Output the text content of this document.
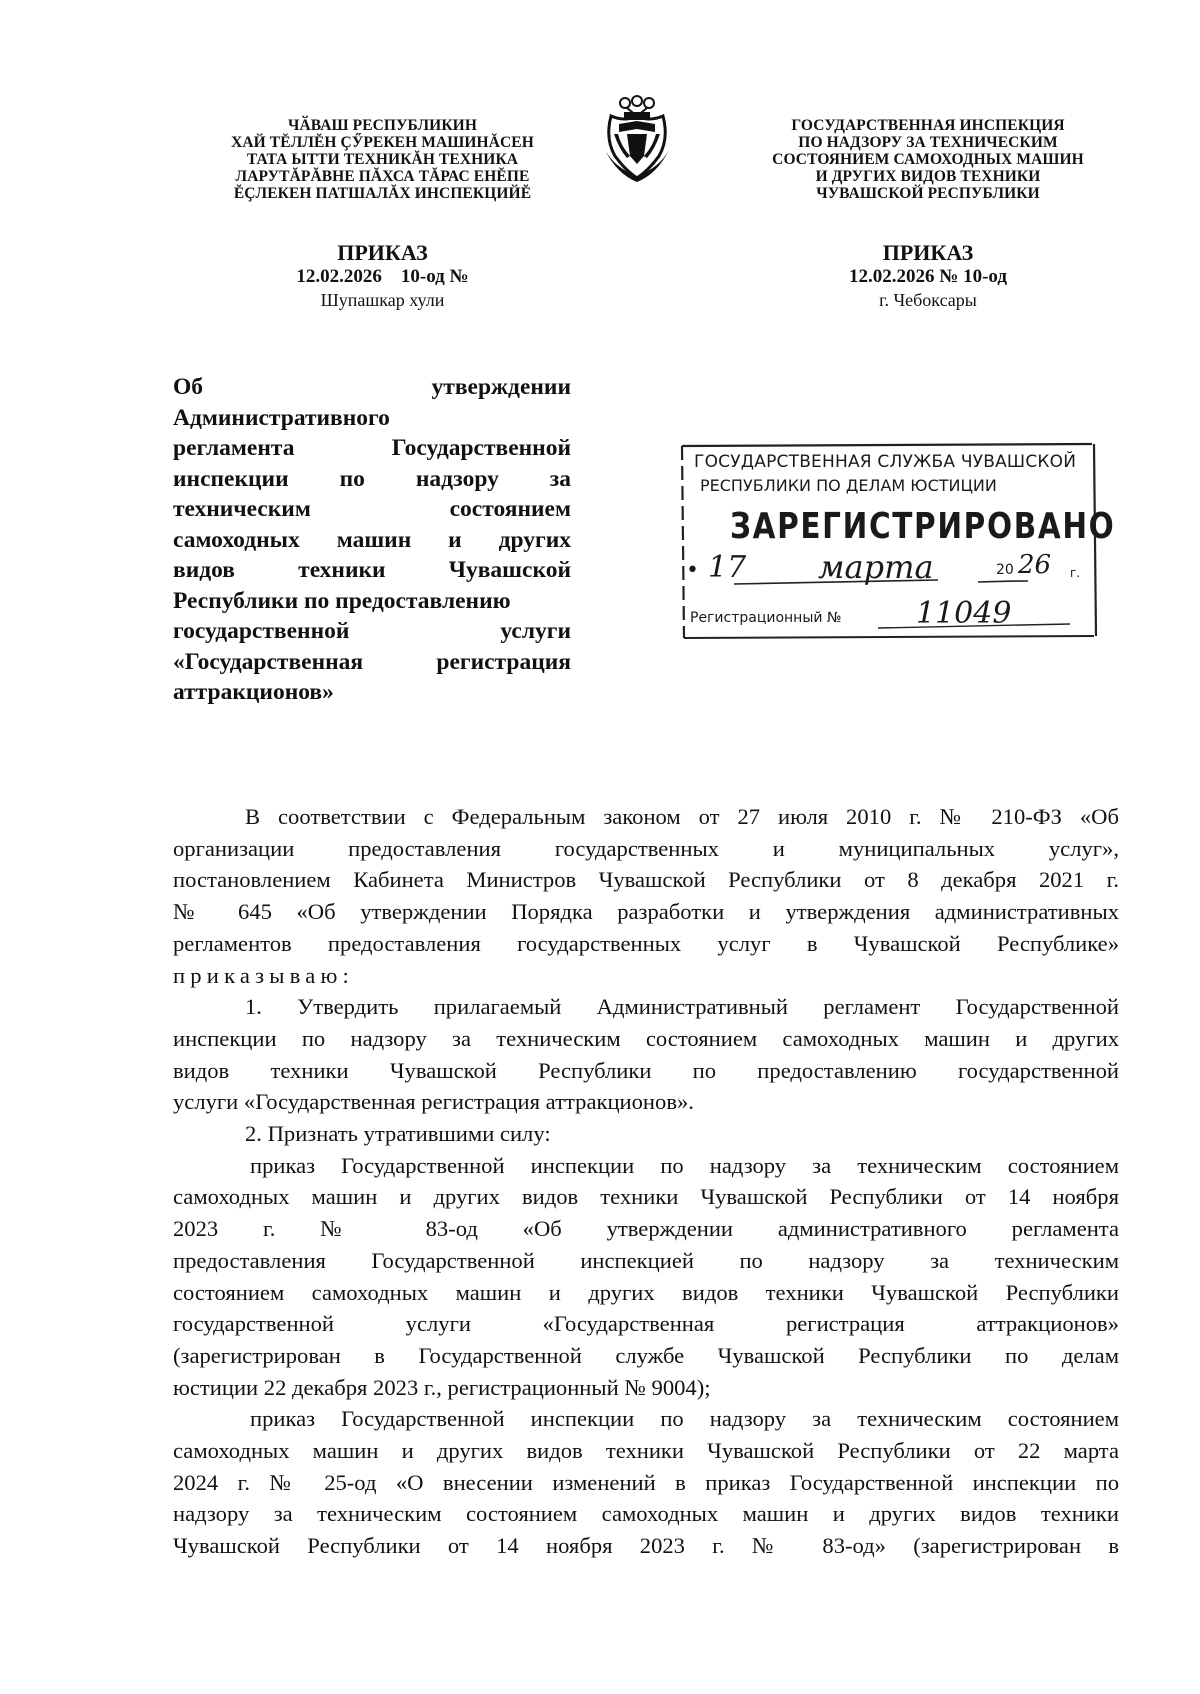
ЧӐВАШ РЕСПУБЛИКИН
ХАЙ ТĔЛЛĔН ҪӲРЕКЕН МАШИНĂСЕН
ТАТА ЫТТИ ТЕХНИКĂН ТЕХНИКА
ЛАРУТĂРĂВНЕ ПĂХСА ТĂРАС ЕНĔПЕ
ĔҪЛЕКЕН ПАТШАЛĂХ ИНСПЕКЦИЙĔ
ГОСУДАРСТВЕННАЯ ИНСПЕКЦИЯ
ПО НАДЗОРУ ЗА ТЕХНИЧЕСКИМ
СОСТОЯНИЕМ САМОХОДНЫХ МАШИН
И ДРУГИХ ВИДОВ ТЕХНИКИ
ЧУВАШСКОЙ РЕСПУБЛИКИ
ПРИКАЗ
12.02.2026    10-од №
Шупашкар хули
ПРИКАЗ
12.02.2026 № 10-од
г. Чебоксары
Об	утверждении
Административного
регламента	Государственной
инспекции по надзору за
техническим	состоянием
самоходных машин и других
видов	техники	Чувашской
Республики по предоставлению
государственной	услуги
«Государственная	регистрация
аттракционов»
ГОСУДАРСТВЕННАЯ СЛУЖБА ЧУВАШСКОЙ
РЕСПУБЛИКИ ПО ДЕЛАМ ЮСТИЦИИ
ЗАРЕГИСТРИРОВАНО
• 17 марта	20 26 г.
Регистрационный № 11049
В соответствии с Федеральным законом от 27 июля 2010 г. № 210-ФЗ «Об
организации предоставления государственных и муниципальных услуг»,
постановлением Кабинета Министров Чувашской Республики от 8 декабря 2021 г.
№ 645 «Об утверждении Порядка разработки и утверждения административных
регламентов предоставления государственных услуг в Чувашской Республике»
приказываю:
1. Утвердить прилагаемый Административный регламент Государственной
инспекции по надзору за техническим состоянием самоходных машин и других
видов техники Чувашской Республики по предоставлению государственной
услуги «Государственная регистрация аттракционов».
2. Признать утратившими силу:
приказ Государственной инспекции по надзору за техническим состоянием
самоходных машин и других видов техники Чувашской Республики от 14 ноября
2023 г. № 83-од «Об утверждении административного регламента
предоставления Государственной инспекцией по надзору за техническим
состоянием самоходных машин и других видов техники Чувашской Республики
государственной услуги «Государственная регистрация аттракционов»
(зарегистрирован в Государственной службе Чувашской Республики по делам
юстиции 22 декабря 2023 г., регистрационный № 9004);
приказ Государственной инспекции по надзору за техническим состоянием
самоходных машин и других видов техники Чувашской Республики от 22 марта
2024 г. № 25-од «О внесении изменений в приказ Государственной инспекции по
надзору за техническим состоянием самоходных машин и других видов техники
Чувашской Республики от 14 ноября 2023 г. № 83-од» (зарегистрирован в
